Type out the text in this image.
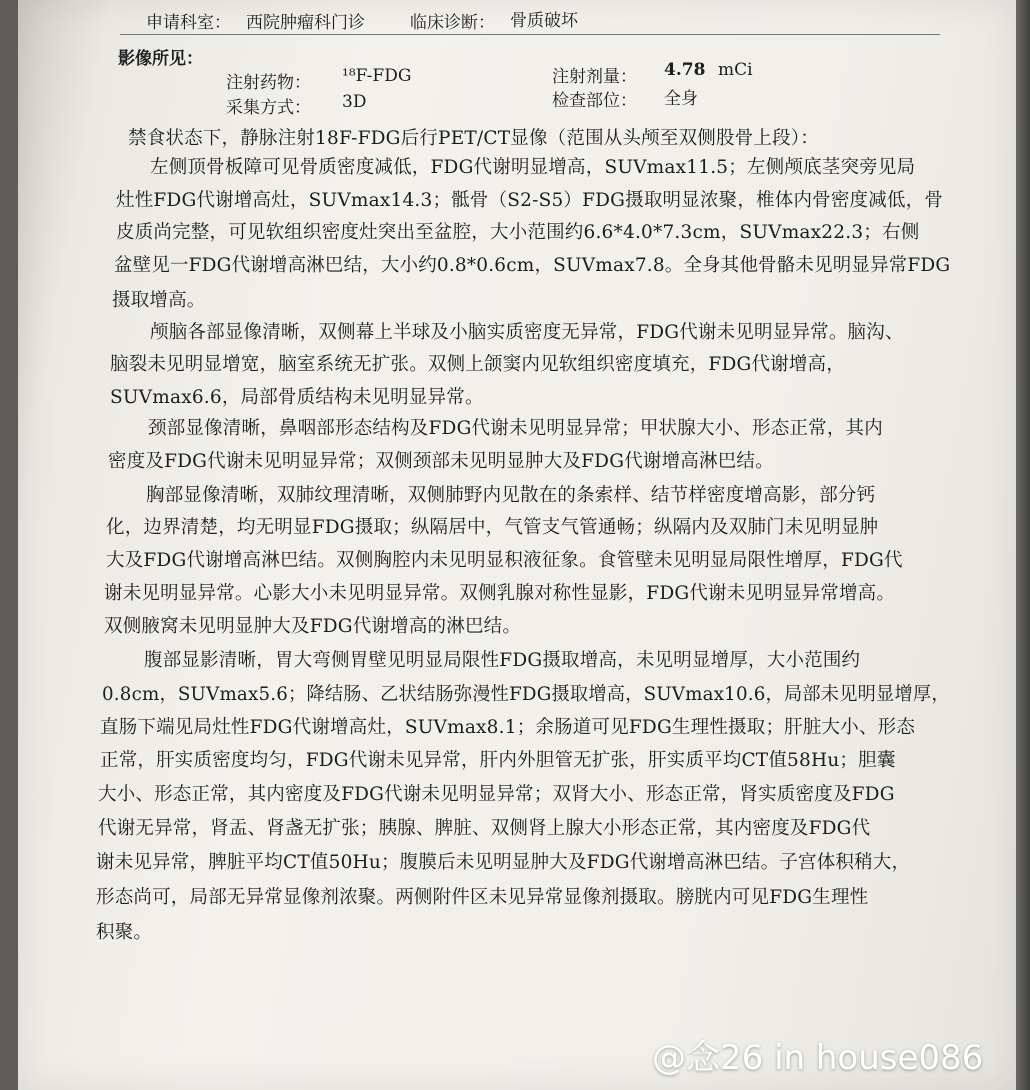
申请科室： 西院肿瘤科门诊	临床诊断： 骨质破坏
影像所见：
注射药物： ¹⁸F-FDG	注射剂量： 4.78 mCi
采集方式： 3D	检查部位： 全身
禁食状态下，静脉注射18F-FDG后行PET/CT显像（范围从头颅至双侧股骨上段）：
左侧顶骨板障可见骨质密度减低，FDG代谢明显增高，SUVmax11.5；左侧颅底茎突旁见局
灶性FDG代谢增高灶，SUVmax14.3；骶骨（S2-S5）FDG摄取明显浓聚，椎体内骨密度减低，骨
皮质尚完整，可见软组织密度灶突出至盆腔，大小范围约6.6*4.0*7.3cm，SUVmax22.3；右侧
盆壁见一FDG代谢增高淋巴结，大小约0.8*0.6cm，SUVmax7.8。全身其他骨骼未见明显异常FDG
摄取增高。
颅脑各部显像清晰，双侧幕上半球及小脑实质密度无异常，FDG代谢未见明显异常。脑沟、
脑裂未见明显增宽，脑室系统无扩张。双侧上颌窦内见软组织密度填充，FDG代谢增高，
SUVmax6.6，局部骨质结构未见明显异常。
颈部显像清晰，鼻咽部形态结构及FDG代谢未见明显异常；甲状腺大小、形态正常，其内
密度及FDG代谢未见明显异常；双侧颈部未见明显肿大及FDG代谢增高淋巴结。
胸部显像清晰，双肺纹理清晰，双侧肺野内见散在的条索样、结节样密度增高影，部分钙
化，边界清楚，均无明显FDG摄取；纵隔居中，气管支气管通畅；纵隔内及双肺门未见明显肿
大及FDG代谢增高淋巴结。双侧胸腔内未见明显积液征象。食管壁未见明显局限性增厚，FDG代
谢未见明显异常。心影大小未见明显异常。双侧乳腺对称性显影，FDG代谢未见明显异常增高。
双侧腋窝未见明显肿大及FDG代谢增高的淋巴结。
腹部显影清晰，胃大弯侧胃壁见明显局限性FDG摄取增高，未见明显增厚，大小范围约
0.8cm，SUVmax5.6；降结肠、乙状结肠弥漫性FDG摄取增高，SUVmax10.6，局部未见明显增厚，
直肠下端见局灶性FDG代谢增高灶，SUVmax8.1；余肠道可见FDG生理性摄取；肝脏大小、形态
正常，肝实质密度均匀，FDG代谢未见异常，肝内外胆管无扩张，肝实质平均CT值58Hu；胆囊
大小、形态正常，其内密度及FDG代谢未见明显异常；双肾大小、形态正常，肾实质密度及FDG
代谢无异常，肾盂、肾盏无扩张；胰腺、脾脏、双侧肾上腺大小形态正常，其内密度及FDG代
谢未见异常，脾脏平均CT值50Hu；腹膜后未见明显肿大及FDG代谢增高淋巴结。子宫体积稍大，
形态尚可，局部无异常显像剂浓聚。两侧附件区未见异常显像剂摄取。膀胱内可见FDG生理性
积聚。
@念26 in house086
